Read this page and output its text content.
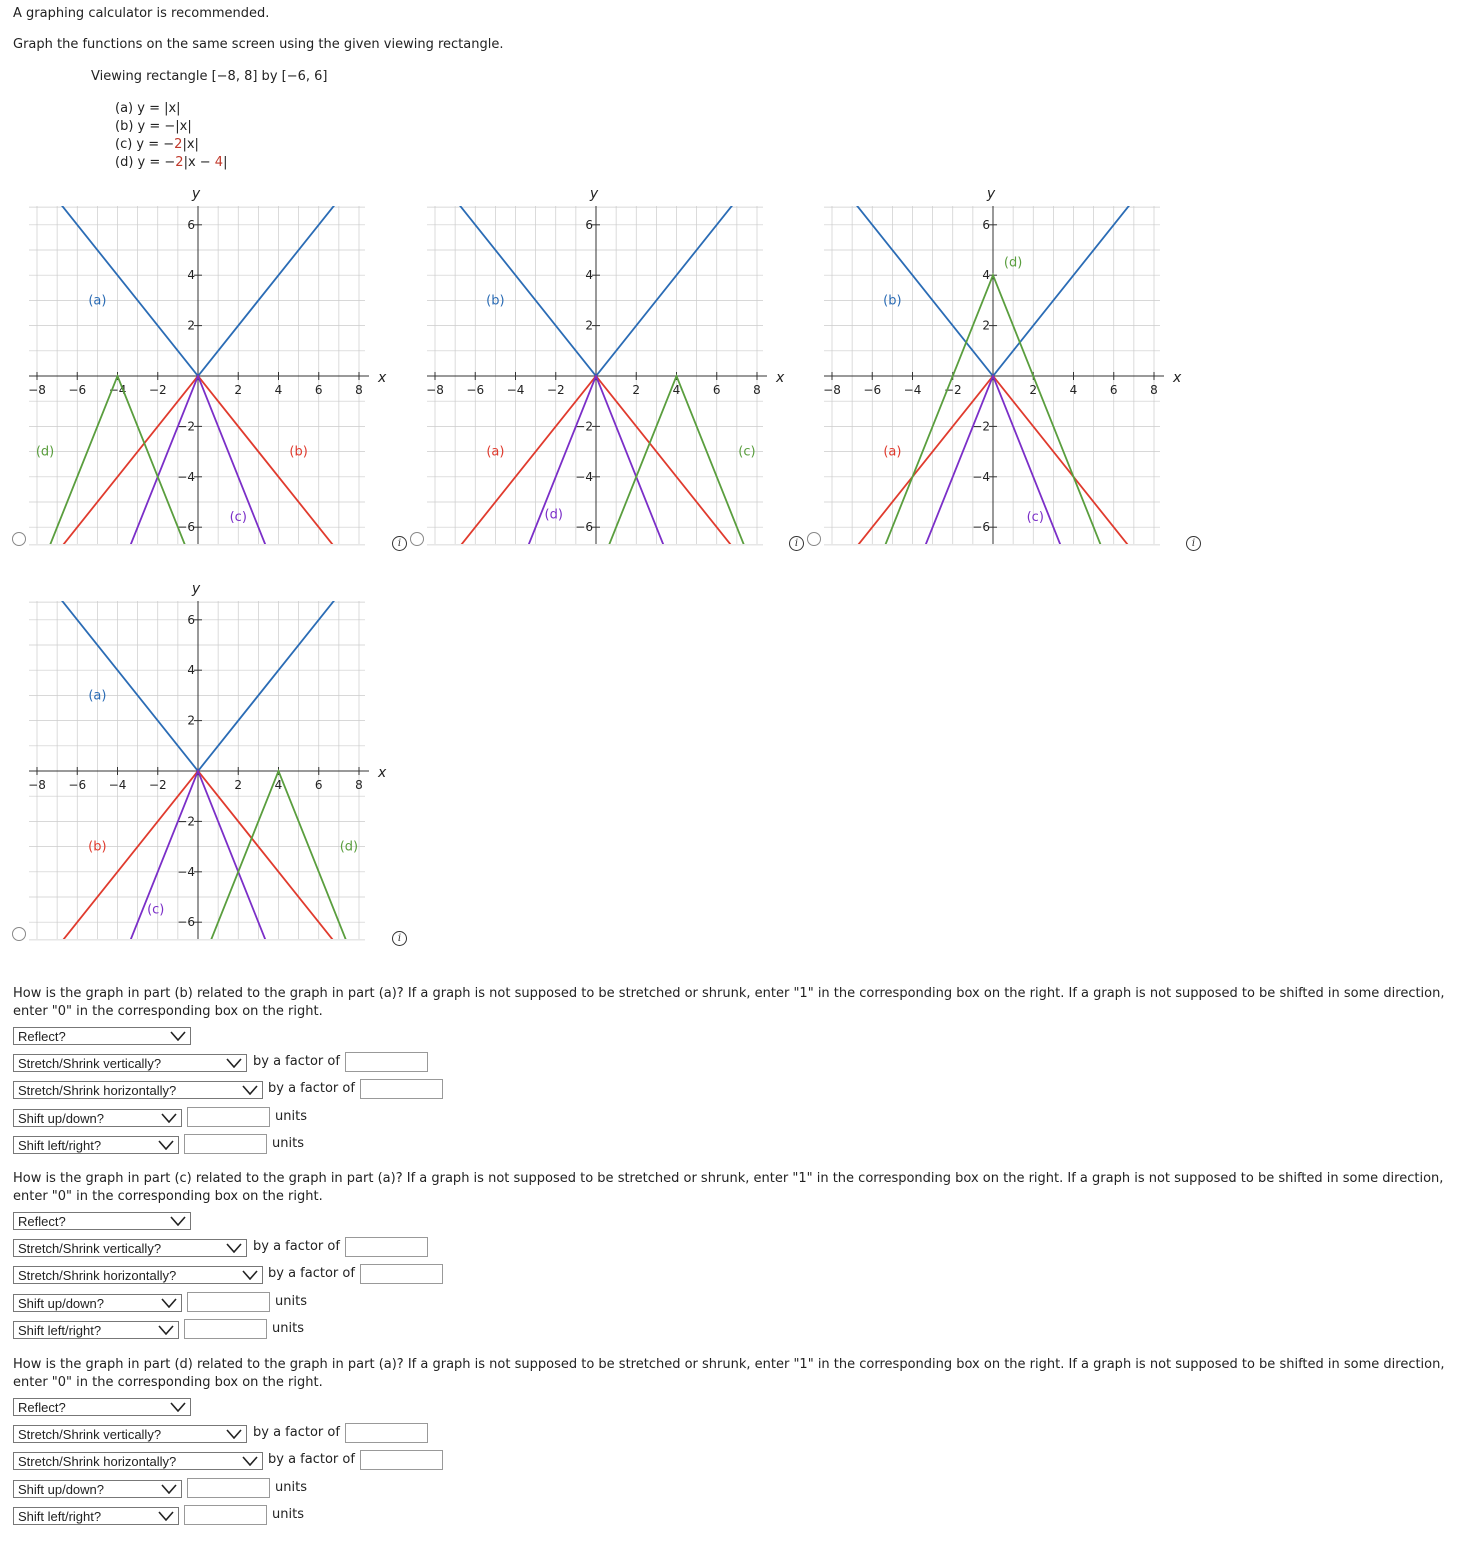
A graphing calculator is recommended.
Graph the functions on the same screen using the given viewing rectangle.
Viewing rectangle [−8, 8] by [−6, 6]
(a) y = |x|
(b) y = −|x|
(c) y = −2|x|
(d) y = −2|x − 4|
−8 −6 −4 −2	2	4	6	8
6
4
2
−2
−4
−6
x
y
(a)
(b)
(c)
(d)
i
−8 −6 −4 −2	2	4	6	8
6
4
2
−2
−4
−6
x
y
(b)
(a)
(d)
(c)
i
−8 −6 −4 −2	2	4	6	8
6
4
2
−2
−4
−6
x
y
(b)
(a)
(c)
(d)
i
−8 −6 −4 −2	2	4	6	8
6
4
2
−2
−4
−6
x
y
(a)
(b)
(c)
(d)
i
How is the graph in part (b) related to the graph in part (a)? If a graph is not supposed to be stretched or shrunk, enter "1" in the corresponding box on the right. If a graph is not supposed to be shifted in some direction, enter "0" in the corresponding box on the right.
Reflect?
Stretch/Shrink vertically?	by a factor of
Stretch/Shrink horizontally?	by a factor of
Shift up/down?	units
Shift left/right?	units
How is the graph in part (c) related to the graph in part (a)? If a graph is not supposed to be stretched or shrunk, enter "1" in the corresponding box on the right. If a graph is not supposed to be shifted in some direction, enter "0" in the corresponding box on the right.
Reflect?
Stretch/Shrink vertically?	by a factor of
Stretch/Shrink horizontally?	by a factor of
Shift up/down?	units
Shift left/right?	units
How is the graph in part (d) related to the graph in part (a)? If a graph is not supposed to be stretched or shrunk, enter "1" in the corresponding box on the right. If a graph is not supposed to be shifted in some direction, enter "0" in the corresponding box on the right.
Reflect?
Stretch/Shrink vertically?	by a factor of
Stretch/Shrink horizontally?	by a factor of
Shift up/down?	units
Shift left/right?	units
